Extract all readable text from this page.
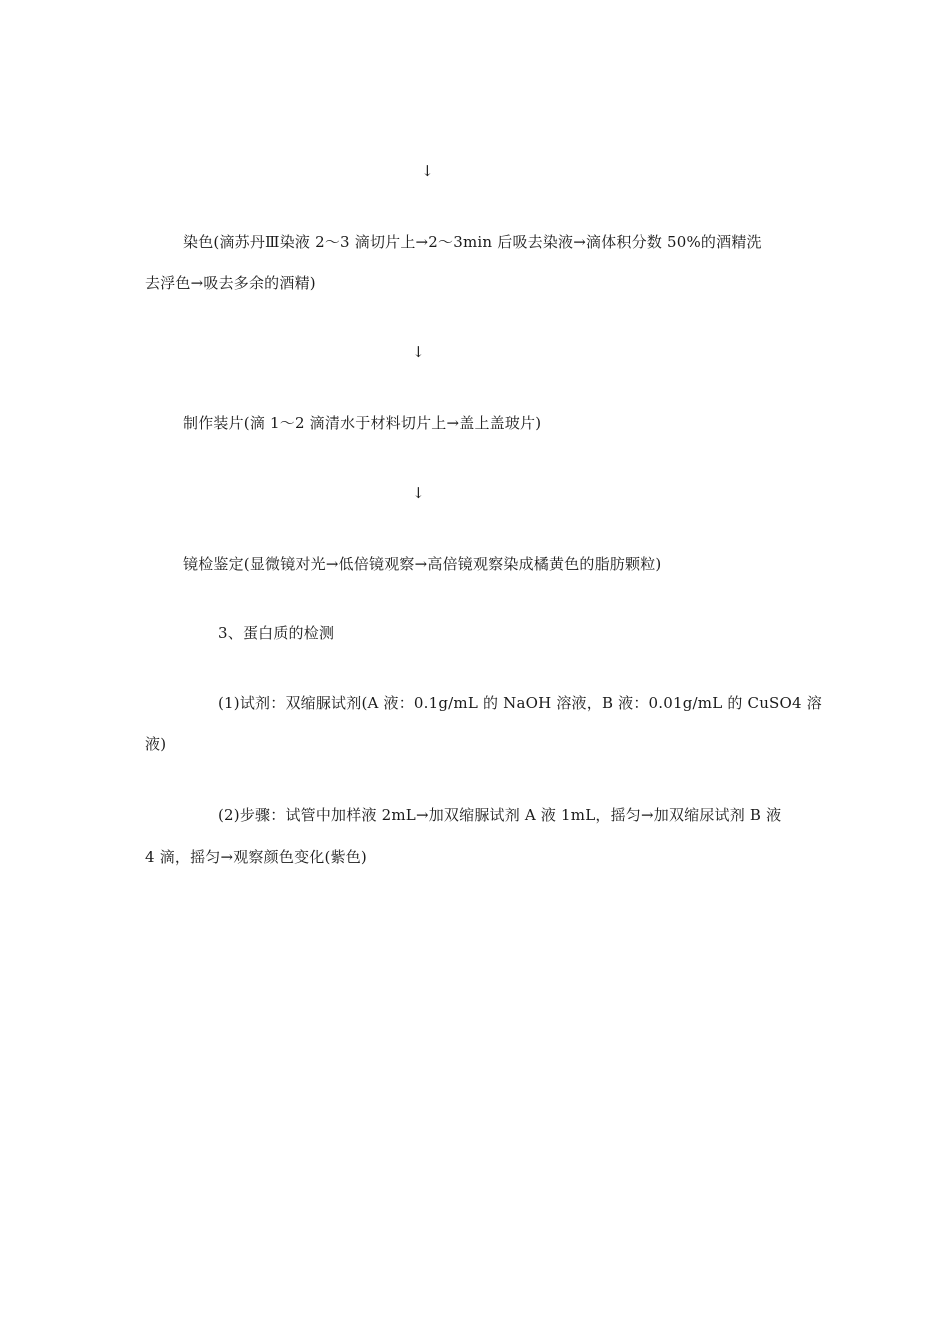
↓
染色(滴苏丹Ⅲ染液 2～3 滴切片上→2～3min 后吸去染液→滴体积分数 50%的酒精洗
去浮色→吸去多余的酒精)
↓
制作装片(滴 1～2 滴清水于材料切片上→盖上盖玻片)
↓
镜检鉴定(显微镜对光→低倍镜观察→高倍镜观察染成橘黄色的脂肪颗粒)
3、蛋白质的检测
(1)试剂：双缩脲试剂(A 液：0.1g/mL 的 NaOH 溶液，B 液：0.01g/mL 的 CuSO4 溶
液)
(2)步骤：试管中加样液 2mL→加双缩脲试剂 A 液 1mL，摇匀→加双缩尿试剂 B 液
4 滴，摇匀→观察颜色变化(紫色)
